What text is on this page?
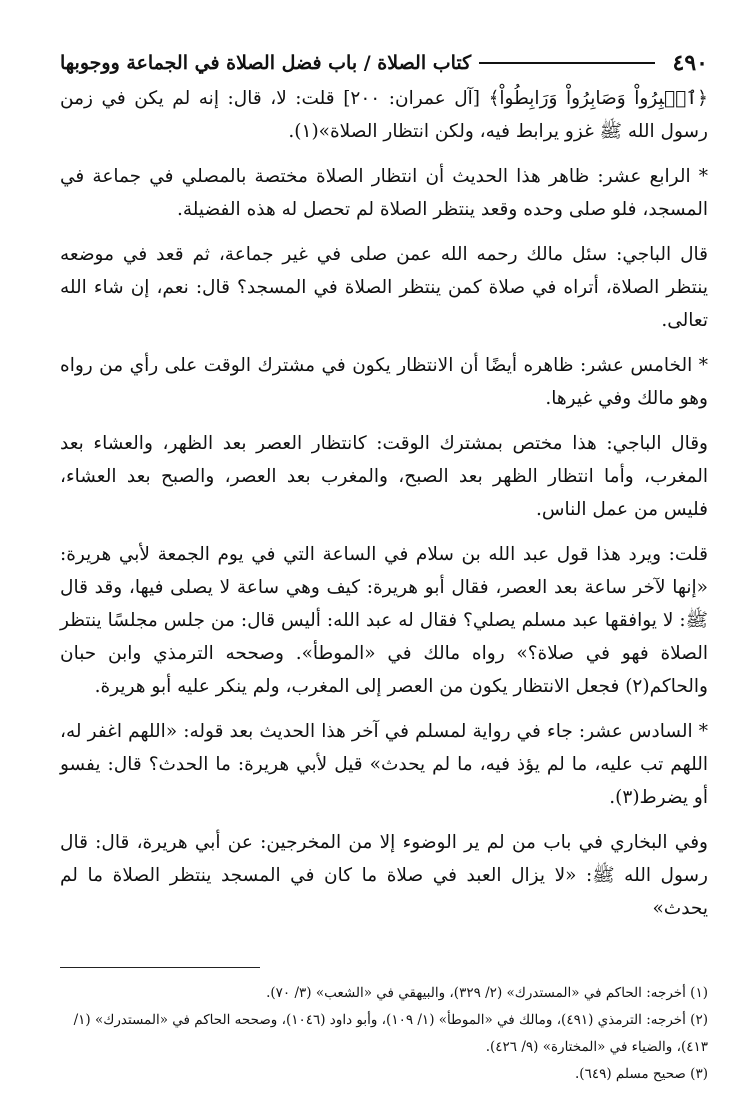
٤٩٠
كتاب الصلاة / باب فضل الصلاة في الجماعة ووجوبها

﴿ٱصۡبِرُواْ وَصَابِرُواْ وَرَابِطُواْ﴾ [آل عمران: ٢٠٠] قلت: لا، قال: إنه لم يكن في زمن رسول الله ﷺ غزو يرابط فيه، ولكن انتظار الصلاة»(١).

* الرابع عشر: ظاهر هذا الحديث أن انتظار الصلاة مختصة بالمصلي في جماعة في المسجد، فلو صلى وحده وقعد ينتظر الصلاة لم تحصل له هذه الفضيلة.

قال الباجي: سئل مالك رحمه الله عمن صلى في غير جماعة، ثم قعد في موضعه ينتظر الصلاة، أتراه في صلاة كمن ينتظر الصلاة في المسجد؟ قال: نعم، إن شاء الله تعالى.

* الخامس عشر: ظاهره أيضًا أن الانتظار يكون في مشترك الوقت على رأي من رواه وهو مالك وفي غيرها.

وقال الباجي: هذا مختص بمشترك الوقت: كانتظار العصر بعد الظهر، والعشاء بعد المغرب، وأما انتظار الظهر بعد الصبح، والمغرب بعد العصر، والصبح بعد العشاء، فليس من عمل الناس.

قلت: ويرد هذا قول عبد الله بن سلام في الساعة التي في يوم الجمعة لأبي هريرة: «إنها لآخر ساعة بعد العصر، فقال أبو هريرة: كيف وهي ساعة لا يصلى فيها، وقد قال ﷺ: لا يوافقها عبد مسلم يصلي؟ فقال له عبد الله: أليس قال: من جلس مجلسًا ينتظر الصلاة فهو في صلاة؟» رواه مالك في «الموطأ». وصححه الترمذي وابن حبان والحاكم(٢) فجعل الانتظار يكون من العصر إلى المغرب، ولم ينكر عليه أبو هريرة.

* السادس عشر: جاء في رواية لمسلم في آخر هذا الحديث بعد قوله: «اللهم اغفر له، اللهم تب عليه، ما لم يؤذ فيه، ما لم يحدث» قيل لأبي هريرة: ما الحدث؟ قال: يفسو أو يضرط(٣).

وفي البخاري في باب من لم ير الوضوء إلا من المخرجين: عن أبي هريرة، قال: قال رسول الله ﷺ: «لا يزال العبد في صلاة ما كان في المسجد ينتظر الصلاة ما لم يحدث»

(١) أخرجه: الحاكم في «المستدرك» (٢/ ٣٢٩)، والبيهقي في «الشعب» (٣/ ٧٠).

(٢) أخرجه: الترمذي (٤٩١)، ومالك في «الموطأ» (١/ ١٠٩)، وأبو داود (١٠٤٦)، وصححه الحاكم في «المستدرك» (١/ ٤١٣)، والضياء في «المختارة» (٩/ ٤٢٦).

(٣) صحيح مسلم (٦٤٩).
